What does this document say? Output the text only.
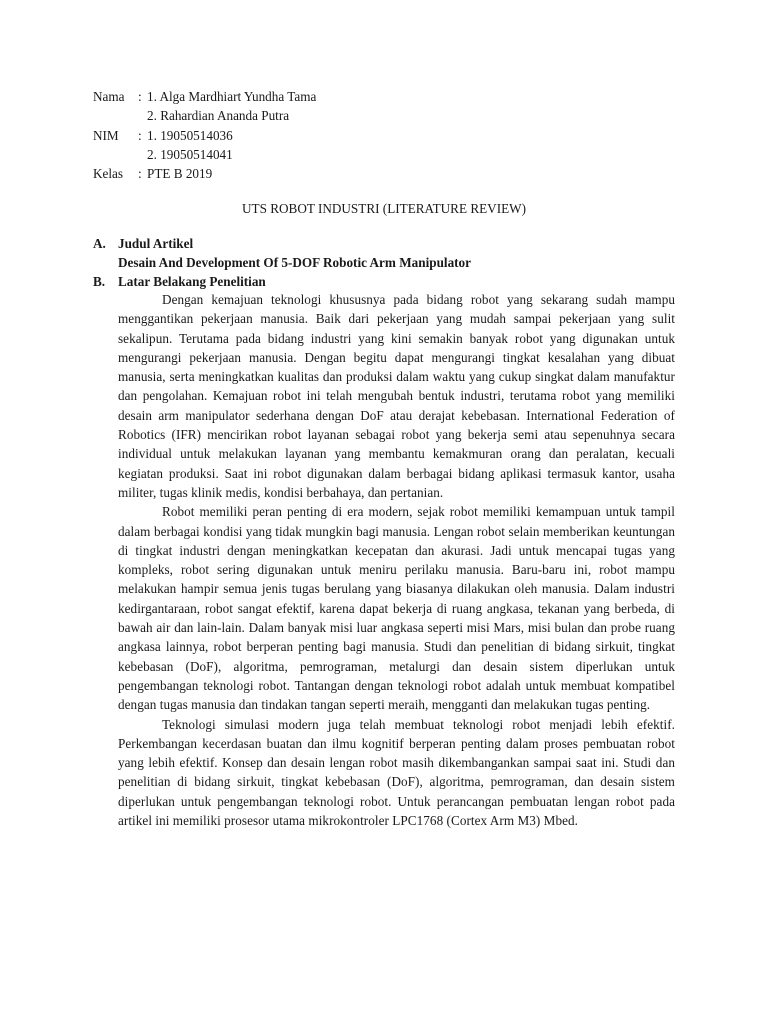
Nama	: 1. Alga Mardhiart Yundha Tama
2. Rahardian Ananda Putra
NIM	: 1. 19050514036
2. 19050514041
Kelas	: PTE B 2019
UTS ROBOT INDUSTRI (LITERATURE REVIEW)
A. Judul Artikel
Desain And Development Of 5-DOF Robotic Arm Manipulator
B. Latar Belakang Penelitian

Dengan kemajuan teknologi khususnya pada bidang robot yang sekarang sudah mampu menggantikan pekerjaan manusia. Baik dari pekerjaan yang mudah sampai pekerjaan yang sulit sekalipun. Terutama pada bidang industri yang kini semakin banyak robot yang digunakan untuk mengurangi pekerjaan manusia. Dengan begitu dapat mengurangi tingkat kesalahan yang dibuat manusia, serta meningkatkan kualitas dan produksi dalam waktu yang cukup singkat dalam manufaktur dan pengolahan. Kemajuan robot ini telah mengubah bentuk industri, terutama robot yang memiliki desain arm manipulator sederhana dengan DoF atau derajat kebebasan. International Federation of Robotics (IFR) mencirikan robot layanan sebagai robot yang bekerja semi atau sepenuhnya secara individual untuk melakukan layanan yang membantu kemakmuran orang dan peralatan, kecuali kegiatan produksi. Saat ini robot digunakan dalam berbagai bidang aplikasi termasuk kantor, usaha militer, tugas klinik medis, kondisi berbahaya, dan pertanian.

Robot memiliki peran penting di era modern, sejak robot memiliki kemampuan untuk tampil dalam berbagai kondisi yang tidak mungkin bagi manusia. Lengan robot selain memberikan keuntungan di tingkat industri dengan meningkatkan kecepatan dan akurasi. Jadi untuk mencapai tugas yang kompleks, robot sering digunakan untuk meniru perilaku manusia. Baru-baru ini, robot mampu melakukan hampir semua jenis tugas berulang yang biasanya dilakukan oleh manusia. Dalam industri kedirgantaraan, robot sangat efektif, karena dapat bekerja di ruang angkasa, tekanan yang berbeda, di bawah air dan lain-lain. Dalam banyak misi luar angkasa seperti misi Mars, misi bulan dan probe ruang angkasa lainnya, robot berperan penting bagi manusia. Studi dan penelitian di bidang sirkuit, tingkat kebebasan (DoF), algoritma, pemrograman, metalurgi dan desain sistem diperlukan untuk pengembangan teknologi robot. Tantangan dengan teknologi robot adalah untuk membuat kompatibel dengan tugas manusia dan tindakan tangan seperti meraih, mengganti dan melakukan tugas penting.

Teknologi simulasi modern juga telah membuat teknologi robot menjadi lebih efektif. Perkembangan kecerdasan buatan dan ilmu kognitif berperan penting dalam proses pembuatan robot yang lebih efektif. Konsep dan desain lengan robot masih dikembangankan sampai saat ini. Studi dan penelitian di bidang sirkuit, tingkat kebebasan (DoF), algoritma, pemrograman, dan desain sistem diperlukan untuk pengembangan teknologi robot. Untuk perancangan pembuatan lengan robot pada artikel ini memiliki prosesor utama mikrokontroler LPC1768 (Cortex Arm M3) Mbed.
